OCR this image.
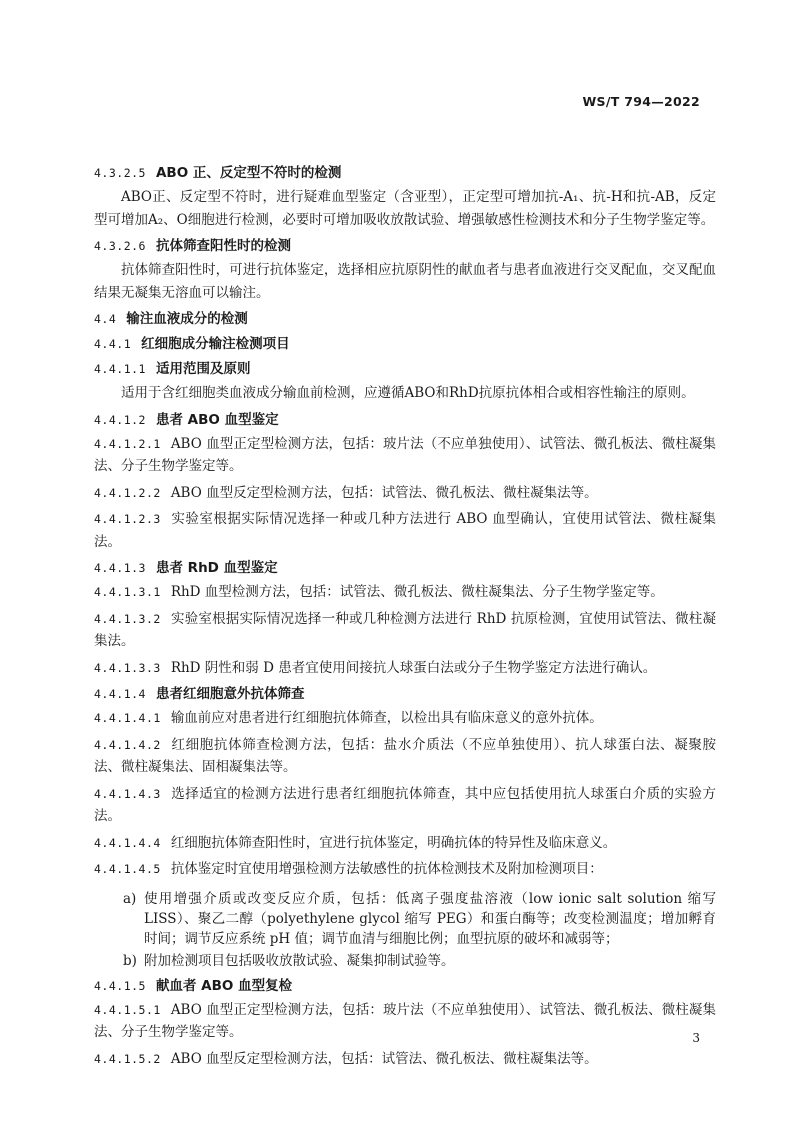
WS/T 794—2022
4.3.2.5 ABO 正、反定型不符时的检测
ABO正、反定型不符时，进行疑难血型鉴定（含亚型），正定型可增加抗-A₁、抗-H和抗-AB，反定型可增加A₂、O细胞进行检测，必要时可增加吸收放散试验、增强敏感性检测技术和分子生物学鉴定等。
4.3.2.6 抗体筛查阳性时的检测
抗体筛查阳性时，可进行抗体鉴定，选择相应抗原阴性的献血者与患者血液进行交叉配血，交叉配血结果无凝集无溶血可以输注。
4.4 输注血液成分的检测
4.4.1 红细胞成分输注检测项目
4.4.1.1 适用范围及原则
适用于含红细胞类血液成分输血前检测，应遵循ABO和RhD抗原抗体相合或相容性输注的原则。
4.4.1.2 患者 ABO 血型鉴定
4.4.1.2.1 ABO 血型正定型检测方法，包括：玻片法（不应单独使用）、试管法、微孔板法、微柱凝集法、分子生物学鉴定等。
4.4.1.2.2 ABO 血型反定型检测方法，包括：试管法、微孔板法、微柱凝集法等。
4.4.1.2.3 实验室根据实际情况选择一种或几种方法进行 ABO 血型确认，宜使用试管法、微柱凝集法。
4.4.1.3 患者 RhD 血型鉴定
4.4.1.3.1 RhD 血型检测方法，包括：试管法、微孔板法、微柱凝集法、分子生物学鉴定等。
4.4.1.3.2 实验室根据实际情况选择一种或几种检测方法进行 RhD 抗原检测，宜使用试管法、微柱凝集法。
4.4.1.3.3 RhD 阴性和弱 D 患者宜使用间接抗人球蛋白法或分子生物学鉴定方法进行确认。
4.4.1.4 患者红细胞意外抗体筛查
4.4.1.4.1 输血前应对患者进行红细胞抗体筛查，以检出具有临床意义的意外抗体。
4.4.1.4.2 红细胞抗体筛查检测方法，包括：盐水介质法（不应单独使用）、抗人球蛋白法、凝聚胺法、微柱凝集法、固相凝集法等。
4.4.1.4.3 选择适宜的检测方法进行患者红细胞抗体筛查，其中应包括使用抗人球蛋白介质的实验方法。
4.4.1.4.4 红细胞抗体筛查阳性时，宜进行抗体鉴定，明确抗体的特异性及临床意义。
4.4.1.4.5 抗体鉴定时宜使用增强检测方法敏感性的抗体检测技术及附加检测项目：
a) 使用增强介质或改变反应介质，包括：低离子强度盐溶液（low ionic salt solution 缩写 LISS）、聚乙二醇（polyethylene glycol 缩写 PEG）和蛋白酶等；改变检测温度；增加孵育时间；调节反应系统 pH 值；调节血清与细胞比例；血型抗原的破坏和减弱等；
b) 附加检测项目包括吸收放散试验、凝集抑制试验等。
4.4.1.5 献血者 ABO 血型复检
4.4.1.5.1 ABO 血型正定型检测方法，包括：玻片法（不应单独使用）、试管法、微孔板法、微柱凝集法、分子生物学鉴定等。
4.4.1.5.2 ABO 血型反定型检测方法，包括：试管法、微孔板法、微柱凝集法等。
3
